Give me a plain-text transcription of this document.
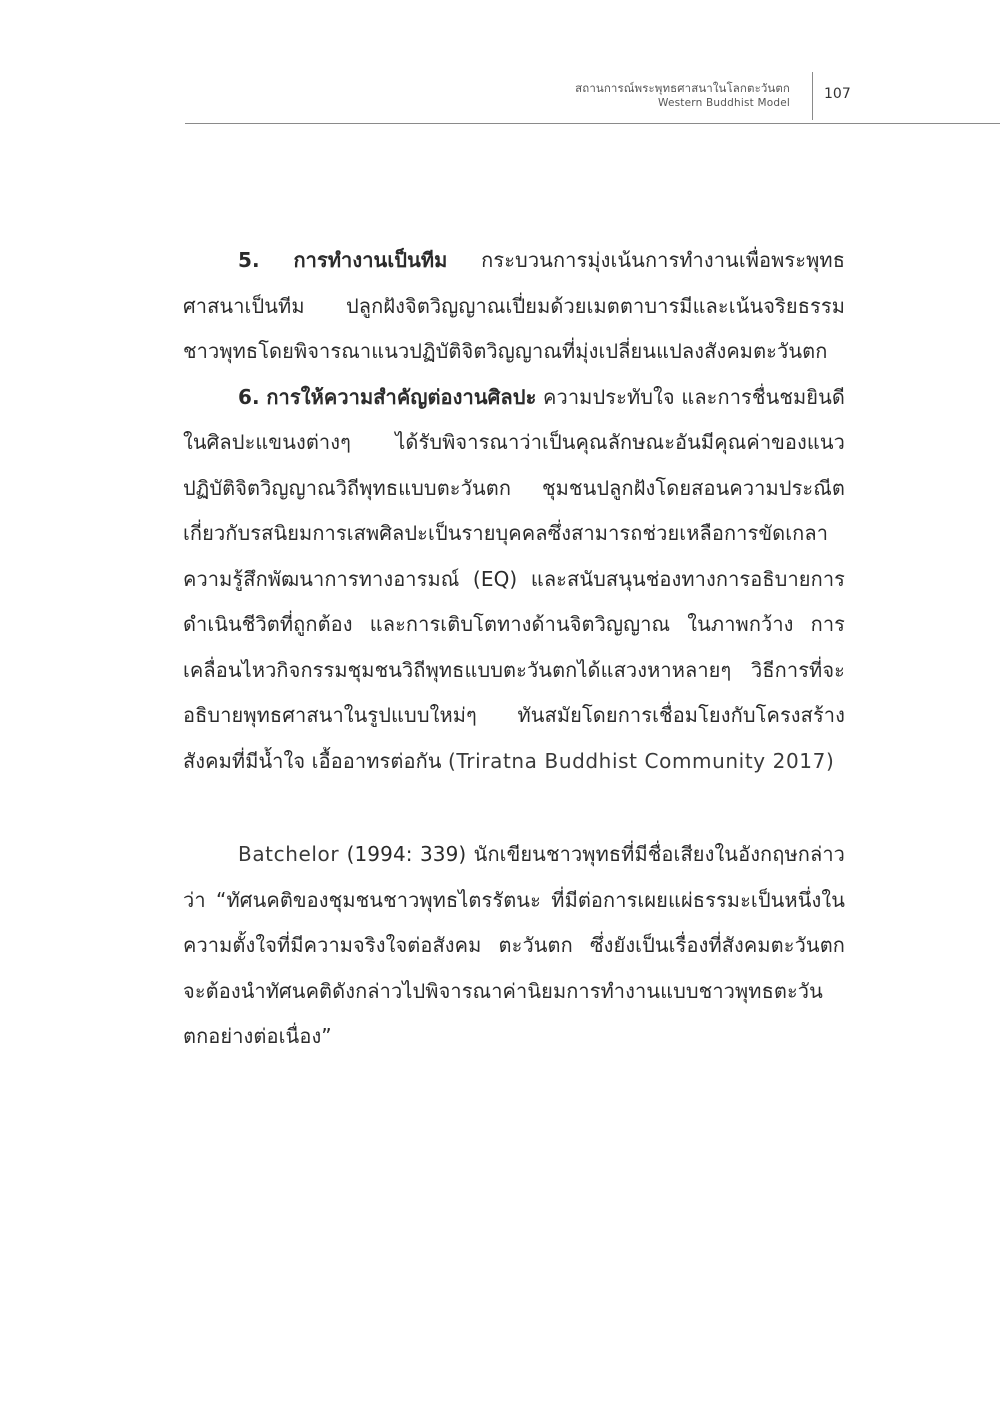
สถานการณ์พระพุทธศาสนาในโลกตะวันตก
Western Buddhist Model
107

5. การทำงานเป็นทีม กระบวนการมุ่งเน้นการทำงานเพื่อพระพุทธศาสนาเป็นทีม ปลูกฝังจิตวิญญาณเปี่ยมด้วยเมตตาบารมีและเน้นจริยธรรมชาวพุทธโดยพิจารณาแนวปฏิบัติจิตวิญญาณที่มุ่งเปลี่ยนแปลงสังคมตะวันตก

6. การให้ความสำคัญต่องานศิลปะ ความประทับใจ และการชื่นชมยินดีในศิลปะแขนงต่างๆ ได้รับพิจารณาว่าเป็นคุณลักษณะอันมีคุณค่าของแนวปฏิบัติจิตวิญญาณวิถีพุทธแบบตะวันตก ชุมชนปลูกฝังโดยสอนความประณีตเกี่ยวกับรสนิยมการเสพศิลปะเป็นรายบุคคลซึ่งสามารถช่วยเหลือการขัดเกลาความรู้สึกพัฒนาการทางอารมณ์ (EQ) และสนับสนุนช่องทางการอธิบายการดำเนินชีวิตที่ถูกต้อง และการเติบโตทางด้านจิตวิญญาณ ในภาพกว้าง การเคลื่อนไหวกิจกรรมชุมชนวิถีพุทธแบบตะวันตกได้แสวงหาหลายๆ วิธีการที่จะอธิบายพุทธศาสนาในรูปแบบใหม่ๆ ทันสมัยโดยการเชื่อมโยงกับโครงสร้างสังคมที่มีน้ำใจ เอื้ออาทรต่อกัน (Triratna Buddhist Community 2017)

Batchelor (1994: 339) นักเขียนชาวพุทธที่มีชื่อเสียงในอังกฤษกล่าวว่า “ทัศนคติของชุมชนชาวพุทธไตรรัตนะ ที่มีต่อการเผยแผ่ธรรมะเป็นหนึ่งในความตั้งใจที่มีความจริงใจต่อสังคม ตะวันตก ซึ่งยังเป็นเรื่องที่สังคมตะวันตกจะต้องนำทัศนคติดังกล่าวไปพิจารณาค่านิยมการทำงานแบบชาวพุทธตะวันตกอย่างต่อเนื่อง”
